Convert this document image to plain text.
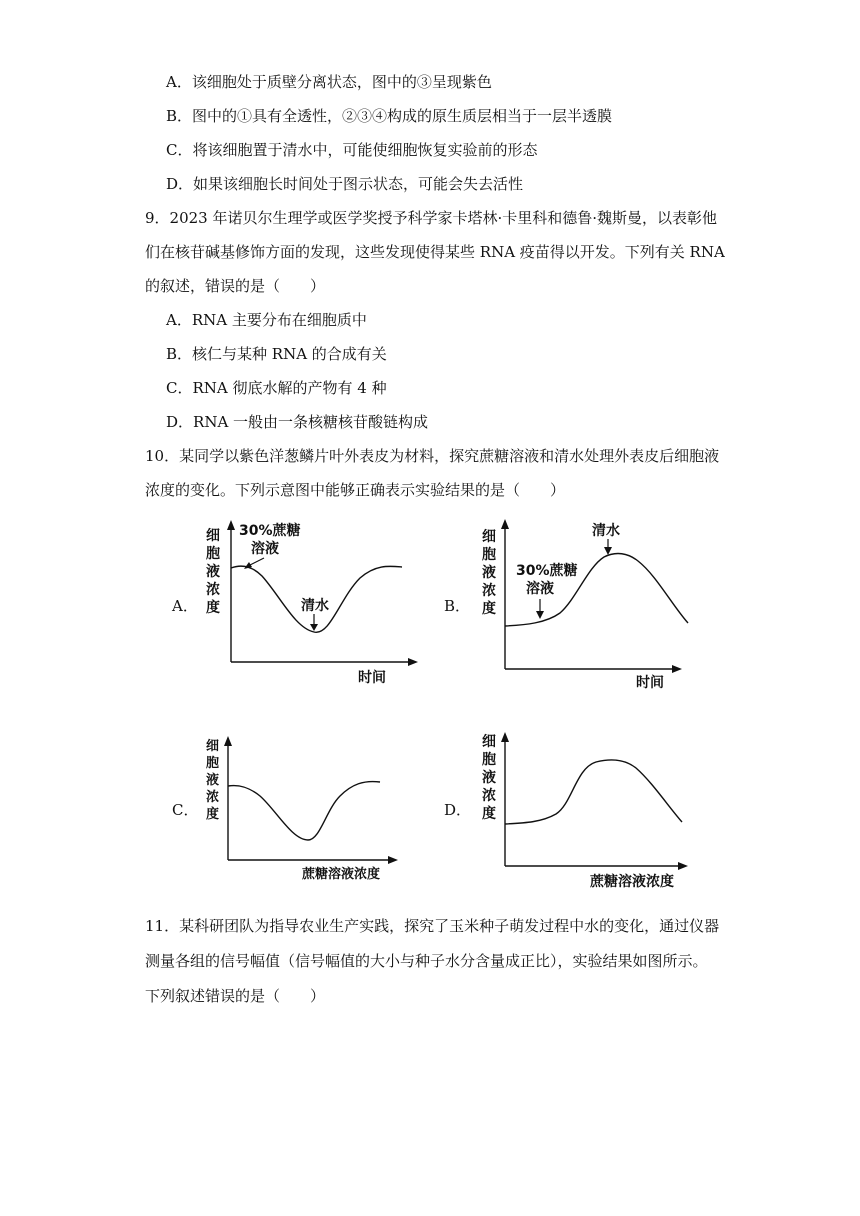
A．该细胞处于质壁分离状态，图中的③呈现紫色
B．图中的①具有全透性，②③④构成的原生质层相当于一层半透膜
C．将该细胞置于清水中，可能使细胞恢复实验前的形态
D．如果该细胞长时间处于图示状态，可能会失去活性
9．2023 年诺贝尔生理学或医学奖授予科学家卡塔林·卡里科和德鲁·魏斯曼，以表彰他
们在核苷碱基修饰方面的发现，这些发现使得某些 RNA 疫苗得以开发。下列有关 RNA
的叙述，错误的是（　　）
A．RNA 主要分布在细胞质中
B．核仁与某种 RNA 的合成有关
C．RNA 彻底水解的产物有 4 种
D．RNA 一般由一条核糖核苷酸链构成
10．某同学以紫色洋葱鳞片叶外表皮为材料，探究蔗糖溶液和清水处理外表皮后细胞液
浓度的变化。下列示意图中能够正确表示实验结果的是（　　）
A．
细
胞
液
浓
度
30%蔗糖
溶液
清水
时间
B．
细
胞
液
浓
度
30%蔗糖
溶液
清水
时间
C．
细
胞
液
浓
度
蔗糖溶液浓度
D．
细
胞
液
浓
度
蔗糖溶液浓度
11．某科研团队为指导农业生产实践，探究了玉米种子萌发过程中水的变化，通过仪器
测量各组的信号幅值（信号幅值的大小与种子水分含量成正比），实验结果如图所示。
下列叙述错误的是（　　）
